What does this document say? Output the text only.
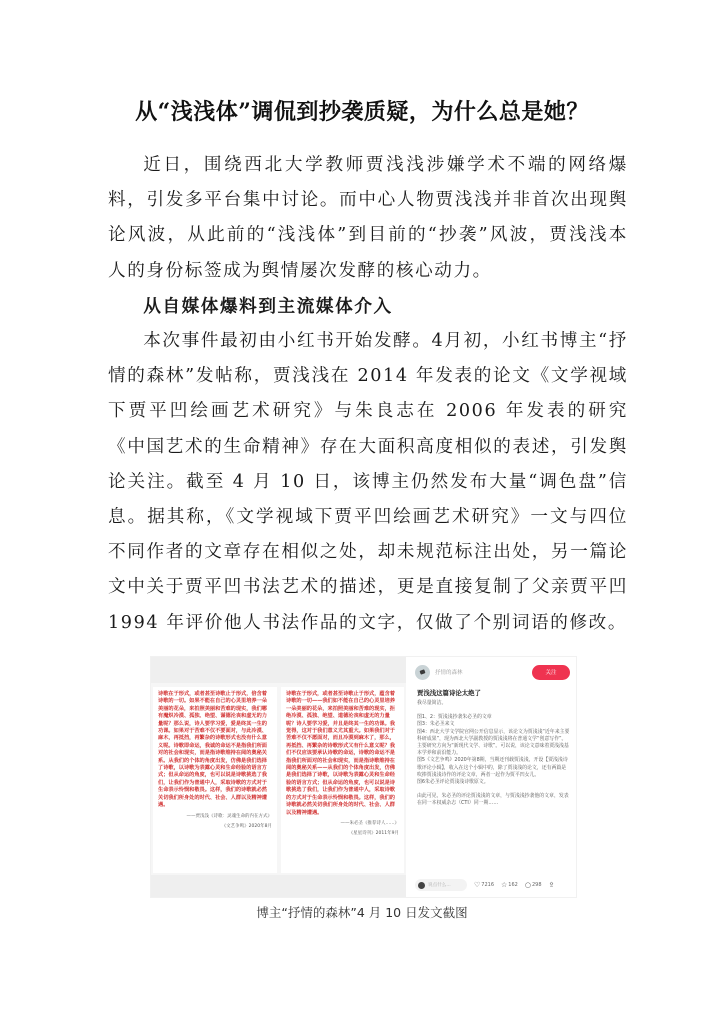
从“浅浅体”调侃到抄袭质疑，为什么总是她？

近日，围绕西北大学教师贾浅浅涉嫌学术不端的网络爆料，引发多平台集中讨论。而中心人物贾浅浅并非首次出现舆论风波，从此前的“浅浅体”到目前的“抄袭”风波，贾浅浅本人的身份标签成为舆情屡次发酵的核心动力。

从自媒体爆料到主流媒体介入

本次事件最初由小红书开始发酵。4月初，小红书博主“抒情的森林”发帖称，贾浅浅在 2014 年发表的论文《文学视域下贾平凹绘画艺术研究》与朱良志在 2006 年发表的研究《中国艺术的生命精神》存在大面积高度相似的表述，引发舆论关注。截至 4 月 10 日，该博主仍然发布大量“调色盘”信息。据其称，《文学视域下贾平凹绘画艺术研究》一文与四位不同作者的文章存在相似之处，却未规范标注出处，另一篇论文中关于贾平凹书法艺术的描述，更是直接复制了父亲贾平凹 1994 年评价他人书法作品的文字，仅做了个别词语的修改。

诗歌在于形式，或者甚至诗歌止于形式，倍含着诗歌的一切。如果不能在自己的心灵里培养一朵美丽的花朵，来拍照美丽和苦难的现实，我们哪有魔炽冷漠、孤独、绝望、谨德沦丧和虚无的力量呢？那么说，诗人要学习爱，爱是终其一生的功课。如果对于苦难不仅不要面对，与此冷漠、麻木，再抵挡，再繁杂的诗歌形式也没有什么意义呢。诗歌即命运，我诚的命运不是指我们所面对的社会和现实，而是指诗歌维持在阅的奥秘关系。从我们的个体的角度出发，仿佛是我们选择了诗歌，以诗歌为表露心灵和生命经验的语言方式；但从命运的角度，也可以说是诗歌挑选了我们，让我们作为普通中人，采取诗歌的方式对于生命表示怜悯和敬畏。这样，我们的诗歌就必然关切我们所身处的时代、社会、人群以及精神遭遇。
——贾浅浅《诗歌：灵魂生命的内在方式》
《文艺争鸣》2020年8月
诗歌在于形式，或者甚至诗歌止于形式，蕴含着诗歌的一切——我们如不能在自己的心灵里培养一朵美丽的花朵，来拍照美丽和苦难的现实，拒绝冷漠、孤独、绝望、道德沦丧和虚无的力量呢？诗人要学习爱，并且是终其一生的功课。我觉得，这对于我们意义尤其重大。如果我们对于苦难不仅不愿面对，而且冷漠到麻木了，那么，再抵挡、再繁杂的诗歌形式又有什么意义呢？我们不仅应该要承认诗歌的命运，诗歌的命运不是指我们所面对的社会和现实，而是指诗歌维持在阅的奥秘关系——从我们的个体角度出发，仿佛是我们选择了诗歌，以诗歌为表露心灵和生命经验的语言方式；但从命运的角度，也可以说是诗歌挑选了我们，让我们作为普通中人，采取诗歌的方式对于生命表示怜悯和敬畏。这样，我们的诗歌就必然关切我们所身处的时代、社会、人群以及精神遭遇。
——朱必圣《推荐诗人……》
《星星诗刊》2011年9月
抒情的森林	关注
贾浅浅这篇诗论太绝了

我尽量简洁。

图1、2：贾浅浅抄袭朱必圣的文章

图3：朱必圣来文

图4：西北大学文学院官网公开信息显示，该论文为贾浅浅“近年来主要科研成果”，现为西北大学副教授的贾浅浅将在普通文学“创意写作”。主要研究方向为“新现代文学、诗歌”。可以说，该论文意味着贾浅浅基本学养和前沿能力。

图5《文艺争鸣》2020年第8期，当期还刊载贾浅浅，开设【贾浅浅诗歌评论小辑】，收入在这个小辑中的，除了贾浅浅的论文，还有两篇是吹捧贾浅浅诗作的评论文章，两者一起作为贾平凹女儿。

图6朱必圣评论贾浅浅诗歌原文。

由此可见，朱必圣的评论贾浅浅的文章，与贾浅浅抄袭他的文章，发表在同一本权威杂志（CTI）同一期……

说点什么...	♡ 7216 ☆ 162 ○ 298 ⇪
博主“抒情的森林”4 月 10 日发文截图
